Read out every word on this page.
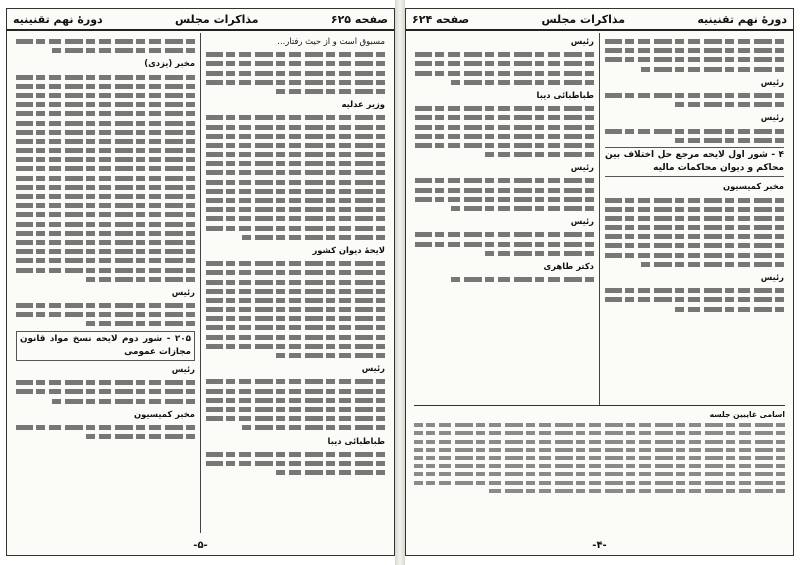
صفحه ۶۲۵
مذاکرات مجلس
دورهٔ نهم تقنینیه

مسبوق است و از حیث رفتار...

وزیر عدلیه

لایحهٔ دیوان کشور

رئیس

طباطبائی دیبا

مخبر (یزدی)

رئیس

۲۰۵ - شور دوم لایحه نسخ مواد قانون مجازات عمومی

رئیس

مخبر کمیسیون

-۵-
دورهٔ نهم تقنینیه
مذاکرات مجلس
صفحه ۶۲۴

رئیس

رئیس

۴ - شور اول لایحه مرجع حل اختلاف بین محاکم و دیوان محاکمات مالیه

مخبر کمیسیون

رئیس

رئیس

طباطبائی دیبا

رئیس

رئیس

دکتر طاهری

اسامی غایبین جلسه
-۴-
